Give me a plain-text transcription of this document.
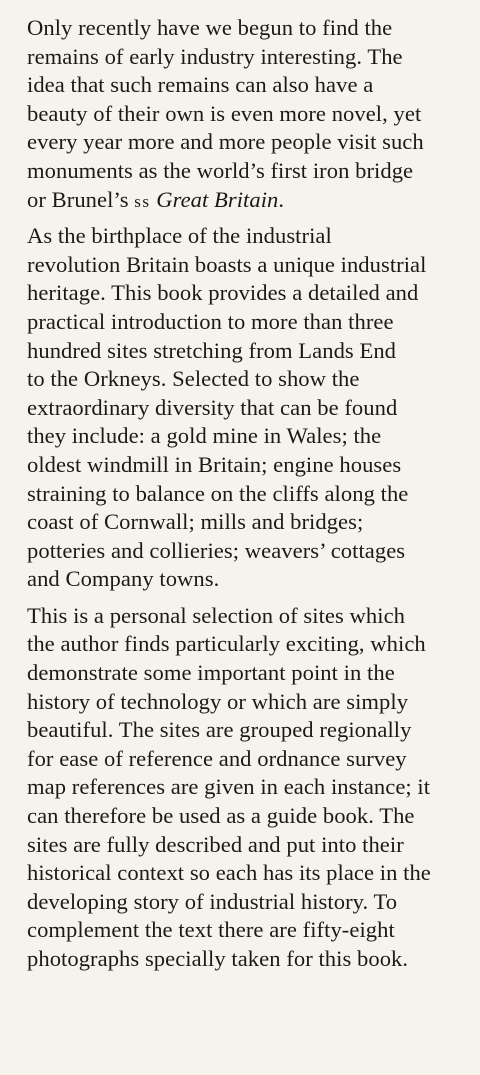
Only recently have we begun to find the
remains of early industry interesting. The
idea that such remains can also have a
beauty of their own is even more novel, yet
every year more and more people visit such
monuments as the world’s first iron bridge
or Brunel’s ss Great Britain.

As the birthplace of the industrial
revolution Britain boasts a unique industrial
heritage. This book provides a detailed and
practical introduction to more than three
hundred sites stretching from Lands End
to the Orkneys. Selected to show the
extraordinary diversity that can be found
they include: a gold mine in Wales; the
oldest windmill in Britain; engine houses
straining to balance on the cliffs along the
coast of Cornwall; mills and bridges;
potteries and collieries; weavers’ cottages
and Company towns.

This is a personal selection of sites which
the author finds particularly exciting, which
demonstrate some important point in the
history of technology or which are simply
beautiful. The sites are grouped regionally
for ease of reference and ordnance survey
map references are given in each instance; it
can therefore be used as a guide book. The
sites are fully described and put into their
historical context so each has its place in the
developing story of industrial history. To
complement the text there are fifty-eight
photographs specially taken for this book.
